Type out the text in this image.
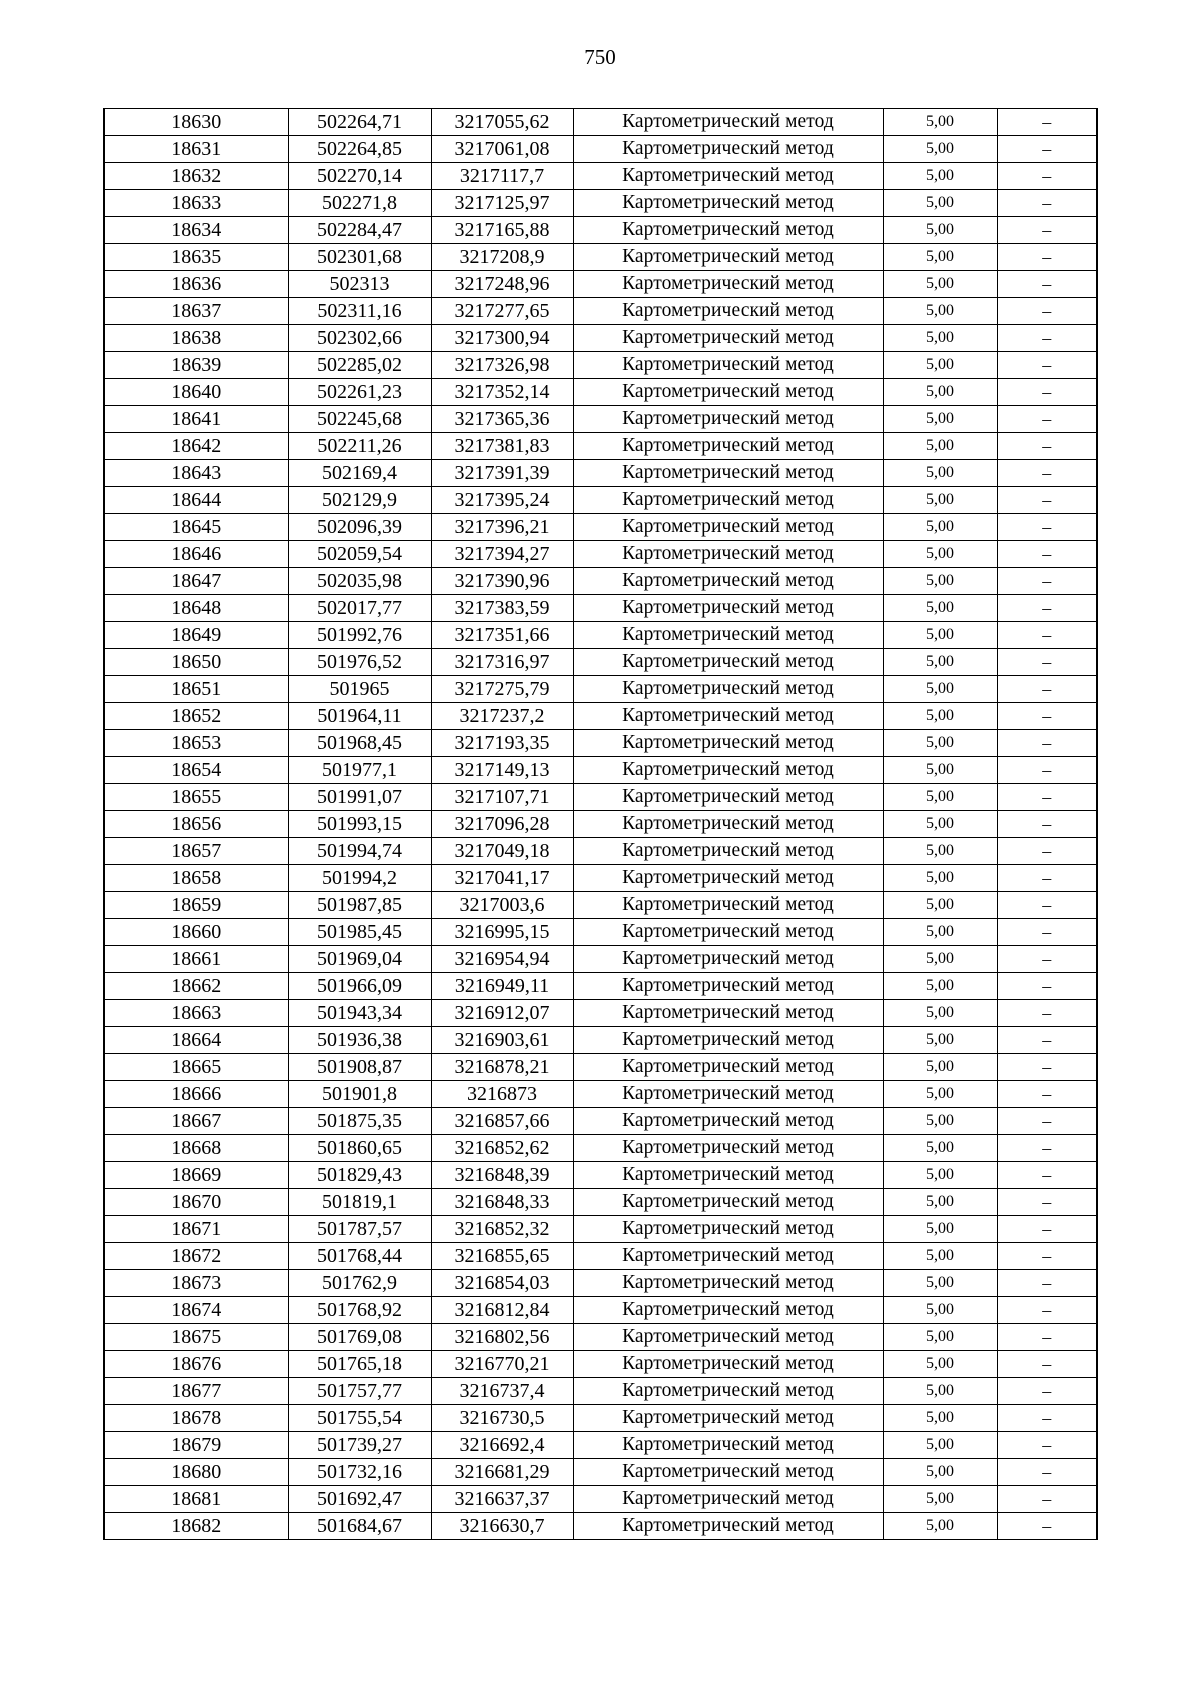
750
18630	502264,71	3217055,62	Картометрический метод	5,00	–
18631	502264,85	3217061,08	Картометрический метод	5,00	–
18632	502270,14	3217117,7	Картометрический метод	5,00	–
18633	502271,8	3217125,97	Картометрический метод	5,00	–
18634	502284,47	3217165,88	Картометрический метод	5,00	–
18635	502301,68	3217208,9	Картометрический метод	5,00	–
18636	502313	3217248,96	Картометрический метод	5,00	–
18637	502311,16	3217277,65	Картометрический метод	5,00	–
18638	502302,66	3217300,94	Картометрический метод	5,00	–
18639	502285,02	3217326,98	Картометрический метод	5,00	–
18640	502261,23	3217352,14	Картометрический метод	5,00	–
18641	502245,68	3217365,36	Картометрический метод	5,00	–
18642	502211,26	3217381,83	Картометрический метод	5,00	–
18643	502169,4	3217391,39	Картометрический метод	5,00	–
18644	502129,9	3217395,24	Картометрический метод	5,00	–
18645	502096,39	3217396,21	Картометрический метод	5,00	–
18646	502059,54	3217394,27	Картометрический метод	5,00	–
18647	502035,98	3217390,96	Картометрический метод	5,00	–
18648	502017,77	3217383,59	Картометрический метод	5,00	–
18649	501992,76	3217351,66	Картометрический метод	5,00	–
18650	501976,52	3217316,97	Картометрический метод	5,00	–
18651	501965	3217275,79	Картометрический метод	5,00	–
18652	501964,11	3217237,2	Картометрический метод	5,00	–
18653	501968,45	3217193,35	Картометрический метод	5,00	–
18654	501977,1	3217149,13	Картометрический метод	5,00	–
18655	501991,07	3217107,71	Картометрический метод	5,00	–
18656	501993,15	3217096,28	Картометрический метод	5,00	–
18657	501994,74	3217049,18	Картометрический метод	5,00	–
18658	501994,2	3217041,17	Картометрический метод	5,00	–
18659	501987,85	3217003,6	Картометрический метод	5,00	–
18660	501985,45	3216995,15	Картометрический метод	5,00	–
18661	501969,04	3216954,94	Картометрический метод	5,00	–
18662	501966,09	3216949,11	Картометрический метод	5,00	–
18663	501943,34	3216912,07	Картометрический метод	5,00	–
18664	501936,38	3216903,61	Картометрический метод	5,00	–
18665	501908,87	3216878,21	Картометрический метод	5,00	–
18666	501901,8	3216873	Картометрический метод	5,00	–
18667	501875,35	3216857,66	Картометрический метод	5,00	–
18668	501860,65	3216852,62	Картометрический метод	5,00	–
18669	501829,43	3216848,39	Картометрический метод	5,00	–
18670	501819,1	3216848,33	Картометрический метод	5,00	–
18671	501787,57	3216852,32	Картометрический метод	5,00	–
18672	501768,44	3216855,65	Картометрический метод	5,00	–
18673	501762,9	3216854,03	Картометрический метод	5,00	–
18674	501768,92	3216812,84	Картометрический метод	5,00	–
18675	501769,08	3216802,56	Картометрический метод	5,00	–
18676	501765,18	3216770,21	Картометрический метод	5,00	–
18677	501757,77	3216737,4	Картометрический метод	5,00	–
18678	501755,54	3216730,5	Картометрический метод	5,00	–
18679	501739,27	3216692,4	Картометрический метод	5,00	–
18680	501732,16	3216681,29	Картометрический метод	5,00	–
18681	501692,47	3216637,37	Картометрический метод	5,00	–
18682	501684,67	3216630,7	Картометрический метод	5,00	–
